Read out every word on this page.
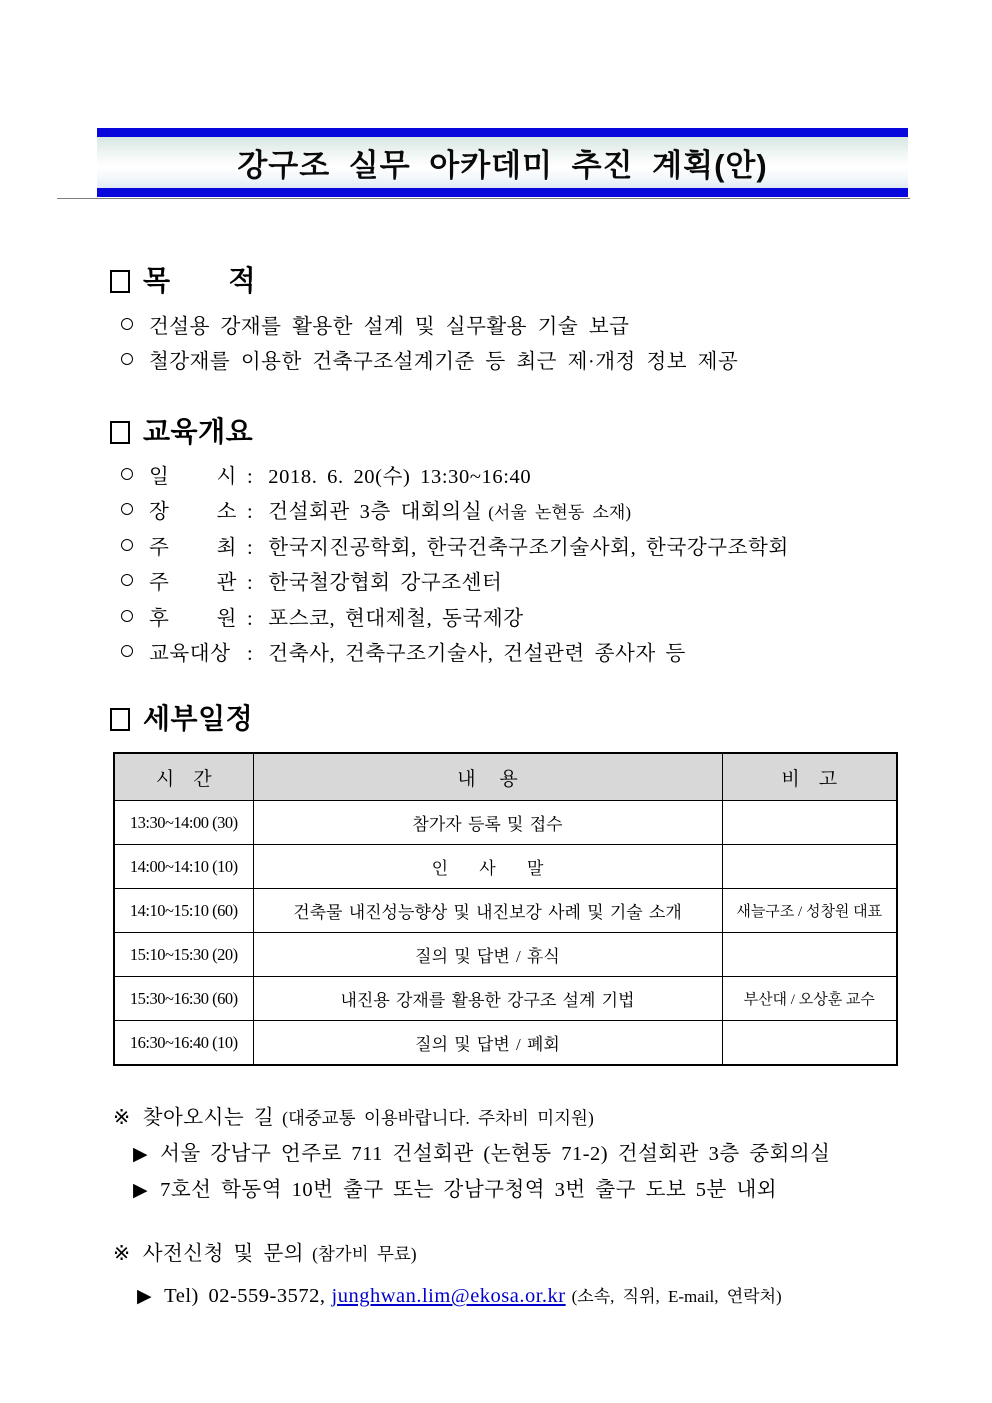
강구조 실무 아카데미 추진 계획(안)
목       적
건설용 강재를 활용한 설계 및 실무활용 기술 보급
철강재를 이용한 건축구조설계기준 등 최근 제·개정 정보 제공
교육개요
일 시 : 2018. 6. 20(수) 13:30~16:40
장 소 : 건설회관 3층 대회의실 (서울 논현동 소재)
주 최 : 한국지진공학회, 한국건축구조기술사회, 한국강구조학회
주 관 : 한국철강협회 강구조센터
후 원 : 포스코, 현대제철, 동국제강
교육대상 : 건축사, 건축구조기술사, 건설관련 종사자 등
세부일정
시    간	내     용	비    고
13:30~14:00 (30)	참가자 등록 및 접수	
14:00~14:10 (10)	인     사     말	
14:10~15:10 (60)	건축물 내진성능향상 및 내진보강 사례 및 기술 소개	새늘구조 / 성창원 대표
15:10~15:30 (20)	질의 및 답변 / 휴식	
15:30~16:30 (60)	내진용 강재를 활용한 강구조 설계 기법	부산대 / 오상훈 교수
16:30~16:40 (10)	질의 및 답변 / 폐회	
※ 찾아오시는 길 (대중교통 이용바랍니다. 주차비 미지원)
▶ 서울 강남구 언주로 711 건설회관 (논현동 71-2) 건설회관 3층 중회의실
▶ 7호선 학동역 10번 출구 또는 강남구청역 3번 출구 도보 5분 내외
※ 사전신청 및 문의 (참가비 무료)
▶ Tel) 02-559-3572, junghwan.lim@ekosa.or.kr (소속, 직위, E-mail, 연락처)
